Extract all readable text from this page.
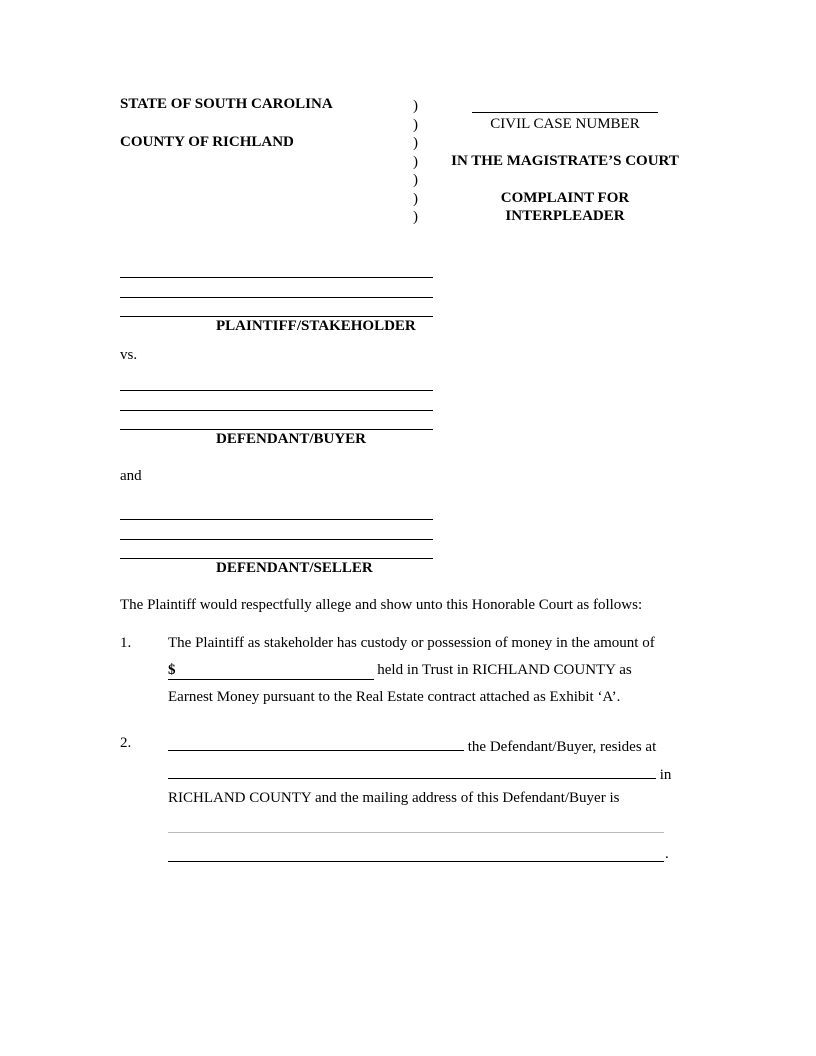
STATE OF SOUTH CAROLINA
COUNTY OF RICHLAND
)
)
)
)
)
)
)
CIVIL CASE NUMBER
IN THE MAGISTRATE’S COURT
COMPLAINT FOR
INTERPLEADER
PLAINTIFF/STAKEHOLDER
vs.
DEFENDANT/BUYER
and
DEFENDANT/SELLER
The Plaintiff would respectfully allege and show unto this Honorable Court as follows:
1. The Plaintiff as stakeholder has custody or possession of money in the amount of
$	held in Trust in RICHLAND COUNTY as
Earnest Money pursuant to the Real Estate contract attached as Exhibit ‘A’.
2.	the Defendant/Buyer, resides at
in
RICHLAND COUNTY and the mailing address of this Defendant/Buyer is
.
